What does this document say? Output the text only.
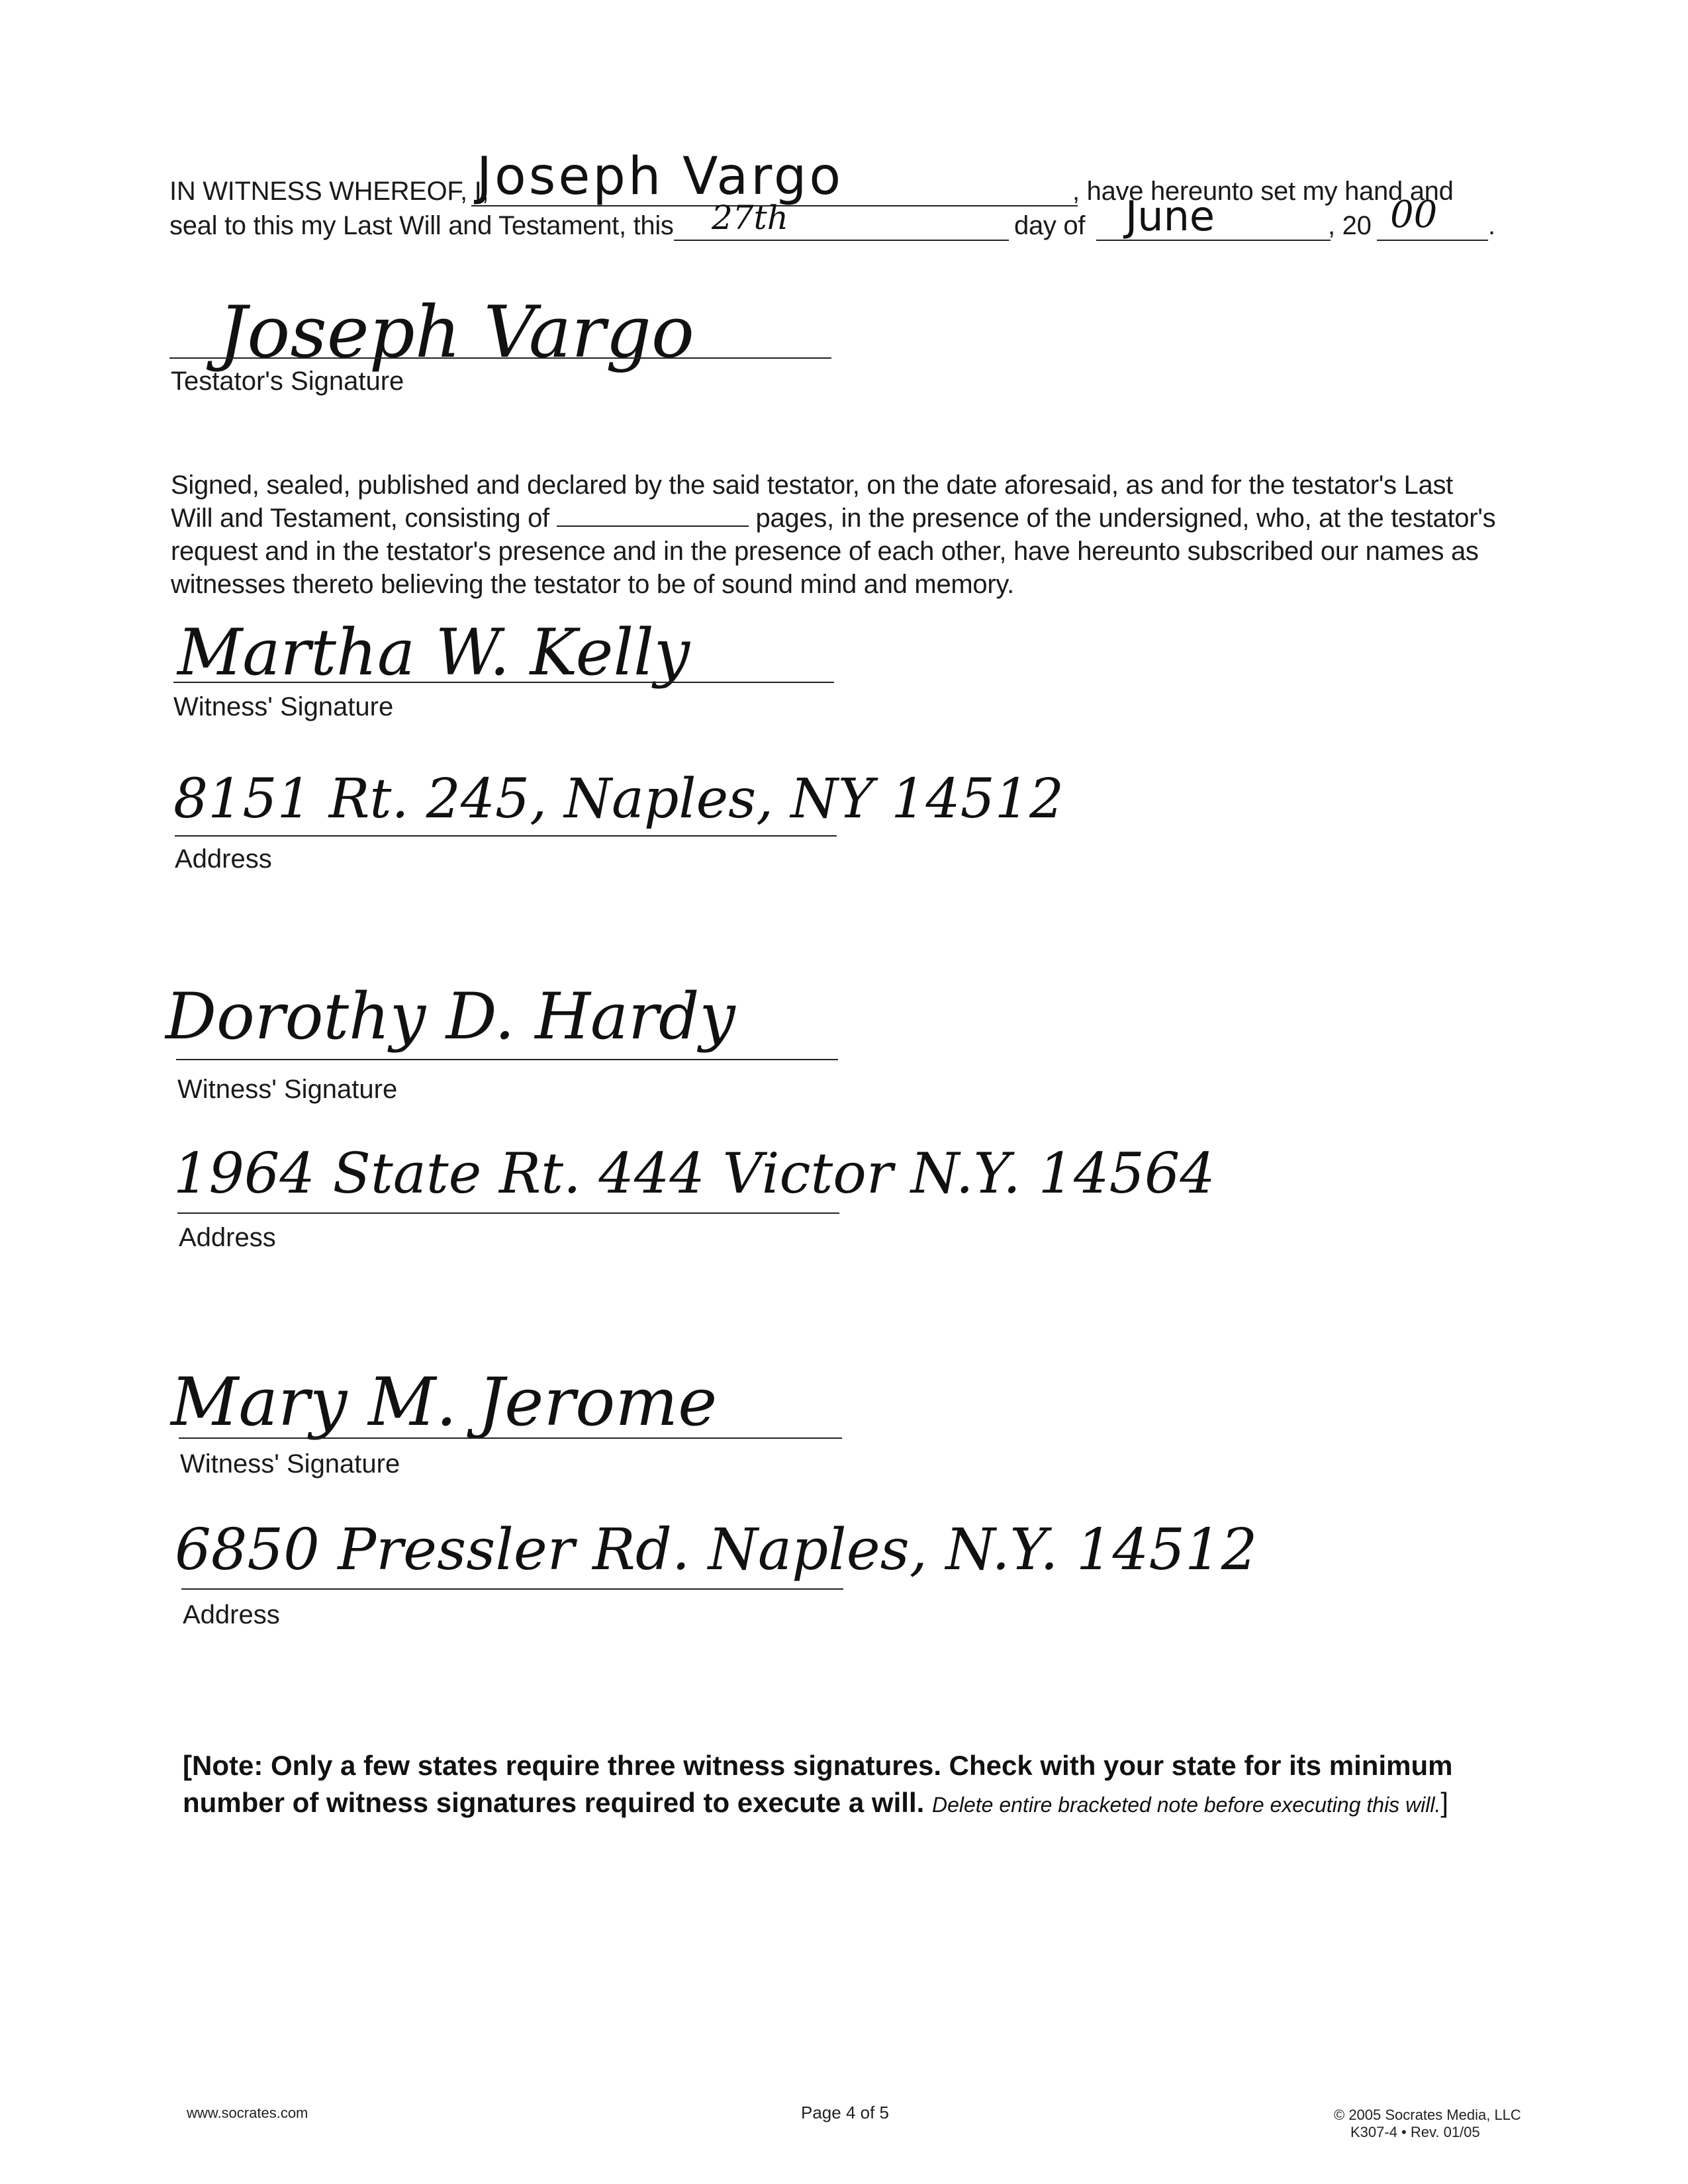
IN WITNESS WHEREOF, I,
Joseph Vargo	, have hereunto set my hand and
seal to this my Last Will and Testament, this 27th	day of June	, 20 00 .
Joseph Vargo
Testator's Signature
Signed, sealed, published and declared by the said testator, on the date aforesaid, as and for the testator's Last Will and Testament, consisting of	pages, in the presence of the undersigned, who, at the testator's request and in the testator's presence and in the presence of each other, have hereunto subscribed our names as witnesses thereto believing the testator to be of sound mind and memory.
Martha W. Kelly
Witness' Signature
8151 Rt. 245, Naples, NY 14512
Address
Dorothy D. Hardy
Witness' Signature
1964 State Rt. 444 Victor N.Y. 14564
Address
Mary M. Jerome
Witness' Signature
6850 Pressler Rd. Naples, N.Y. 14512
Address
[Note: Only a few states require three witness signatures. Check with your state for its minimum number of witness signatures required to execute a will. Delete entire bracketed note before executing this will.]
www.socrates.com	Page 4 of 5	© 2005 Socrates Media, LLC
K307-4 • Rev. 01/05
